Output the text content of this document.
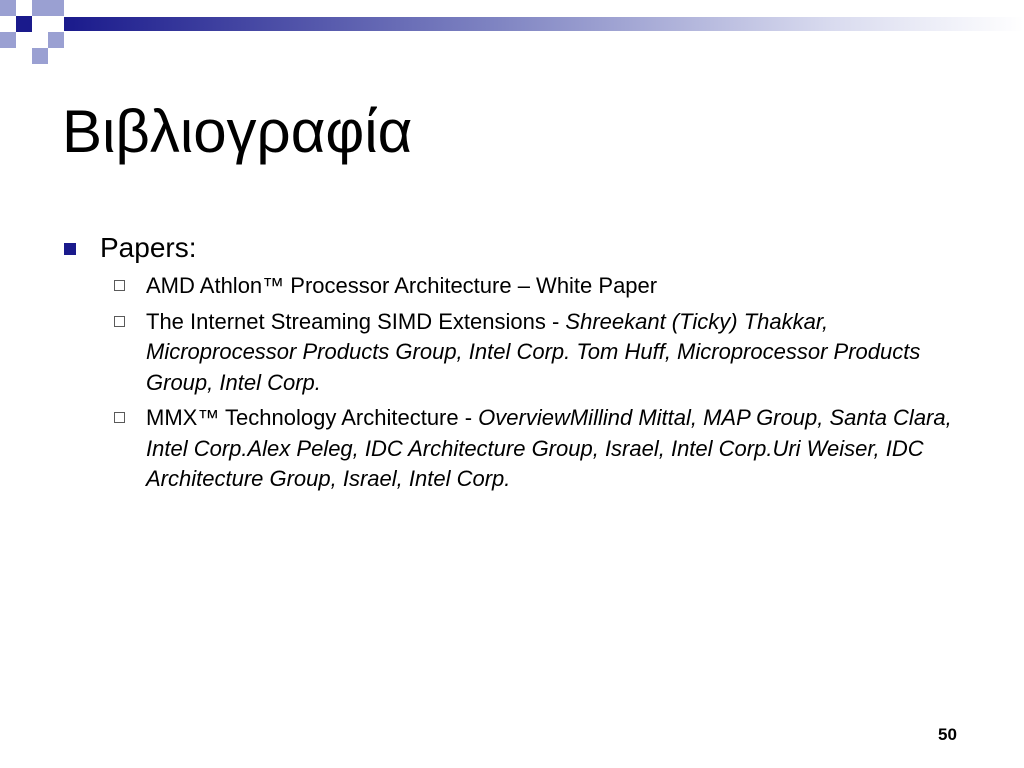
Βιβλιογραφία
Papers:
AMD Athlon™ Processor Architecture – White Paper
The Internet Streaming SIMD Extensions - Shreekant (Ticky) Thakkar, Microprocessor Products Group, Intel Corp. Tom Huff, Microprocessor Products Group, Intel Corp.
MMX™ Technology Architecture - OverviewMillind Mittal, MAP Group, Santa Clara, Intel Corp.Alex Peleg, IDC Architecture Group, Israel, Intel Corp.Uri Weiser, IDC Architecture Group, Israel, Intel Corp.
50
